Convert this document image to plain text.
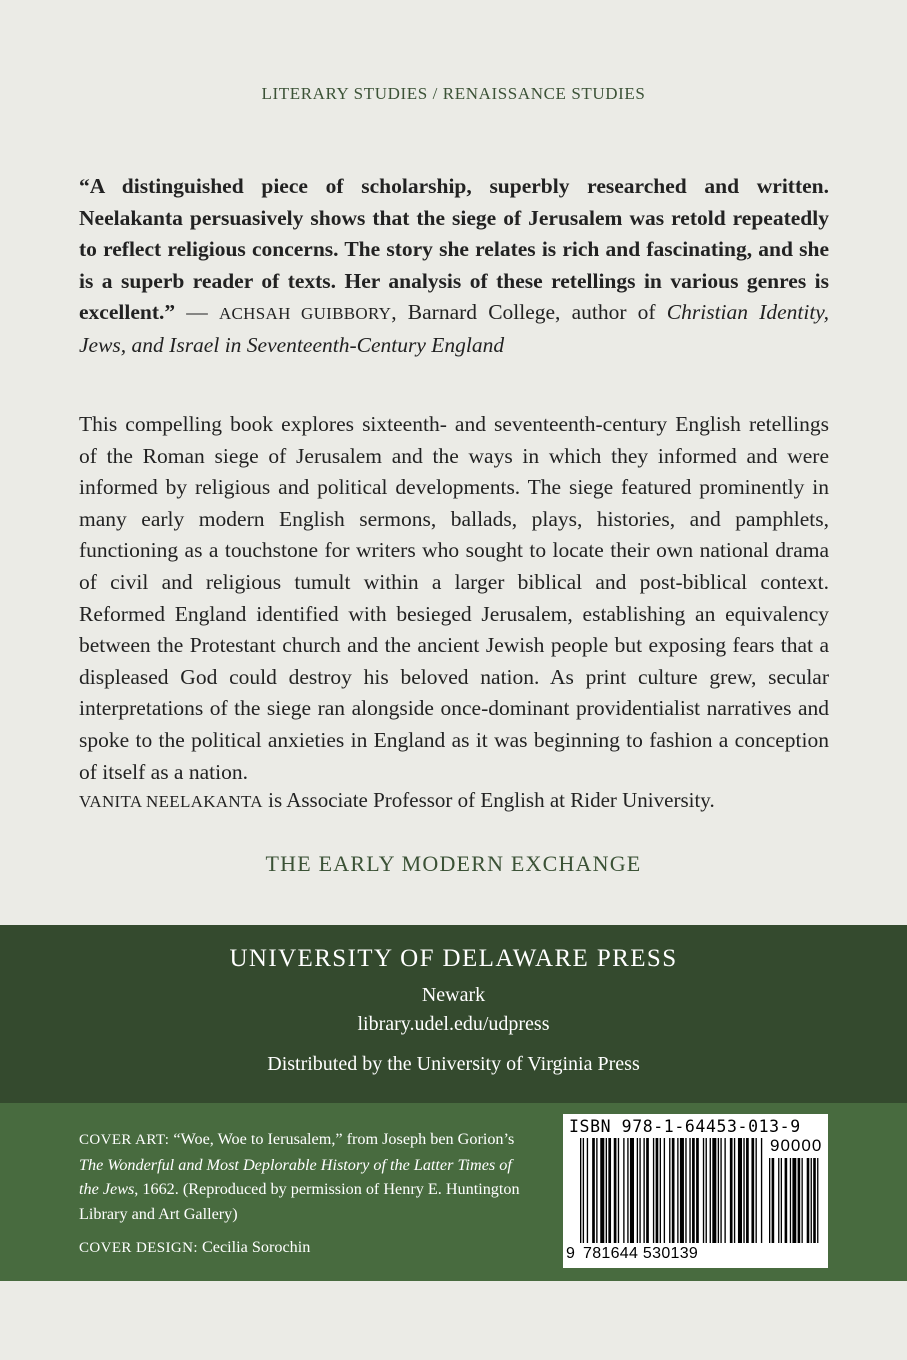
LITERARY STUDIES / RENAISSANCE STUDIES
“A distinguished piece of scholarship, superbly researched and written. Neelakanta persuasively shows that the siege of Jerusalem was retold repeatedly to reflect religious concerns. The story she relates is rich and fascinating, and she is a superb reader of texts. Her analysis of these retellings in various genres is excellent.” — ACHSAH GUIBBORY, Barnard College, author of Christian Identity, Jews, and Israel in Seventeenth-Century England
This compelling book explores sixteenth- and seventeenth-century English retellings of the Roman siege of Jerusalem and the ways in which they informed and were informed by religious and political developments. The siege featured prominently in many early modern English sermons, ballads, plays, histories, and pamphlets, functioning as a touchstone for writers who sought to locate their own national drama of civil and religious tumult within a larger biblical and post-biblical context. Reformed England identified with besieged Jerusalem, establishing an equivalency between the Protestant church and the ancient Jewish people but exposing fears that a displeased God could destroy his beloved nation. As print culture grew, secular interpretations of the siege ran alongside once-dominant providentialist narratives and spoke to the political anxieties in England as it was beginning to fashion a conception of itself as a nation.
VANITA NEELAKANTA is Associate Professor of English at Rider University.
THE EARLY MODERN EXCHANGE
UNIVERSITY OF DELAWARE PRESS
Newark
library.udel.edu/udpress
Distributed by the University of Virginia Press
COVER ART: “Woe, Woe to Ierusalem,” from Joseph ben Gorion’s The Wonderful and Most Deplorable History of the Latter Times of the Jews, 1662. (Reproduced by permission of Henry E. Huntington Library and Art Gallery)
COVER DESIGN: Cecilia Sorochin
ISBN 978-1-64453-013-9
90000
9 781644 530139
